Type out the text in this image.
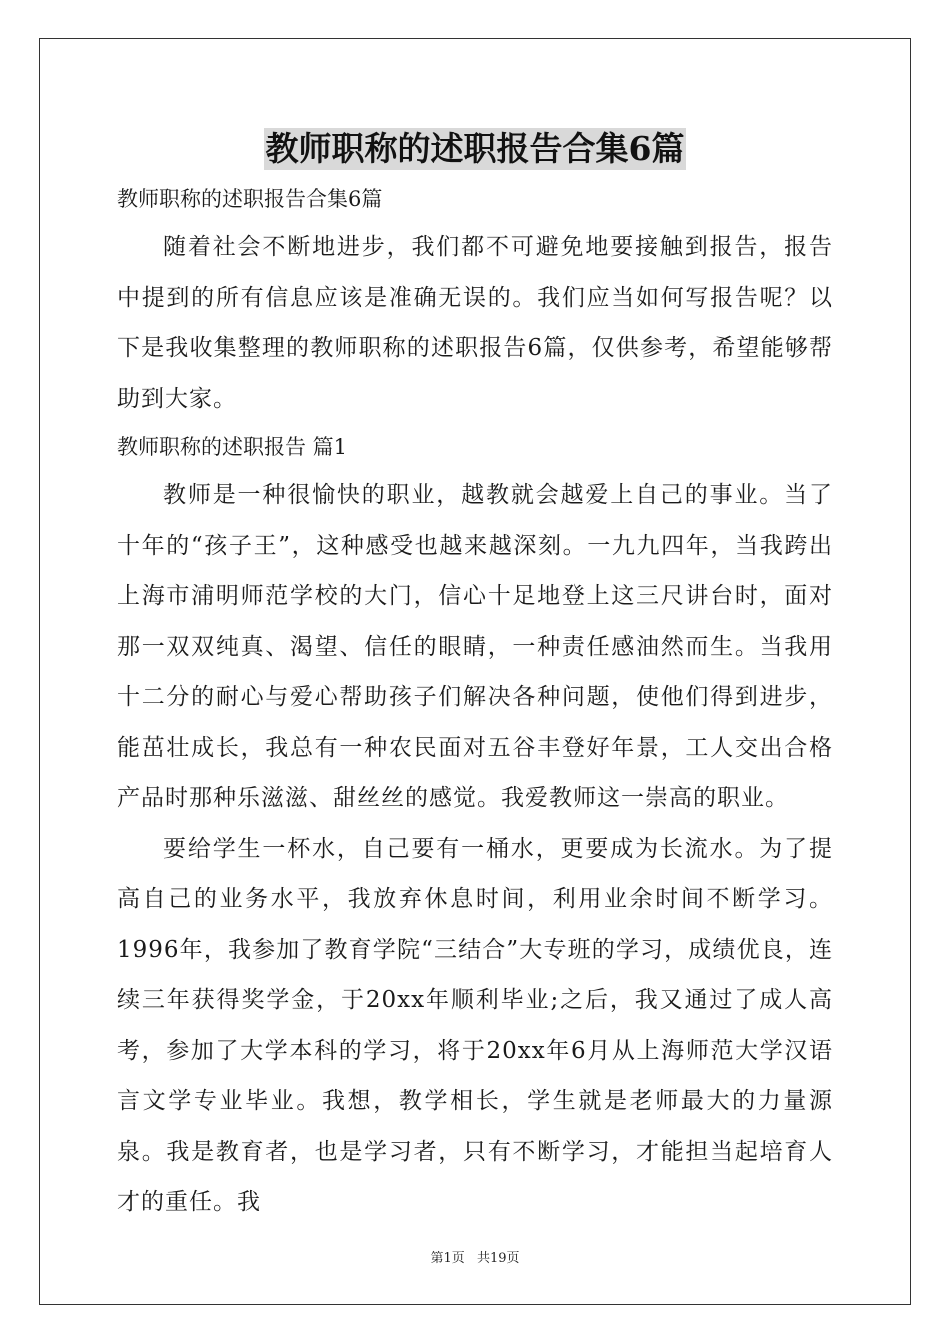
教师职称的述职报告合集6篇

教师职称的述职报告合集6篇

随着社会不断地进步，我们都不可避免地要接触到报告，报告中提到的所有信息应该是准确无误的。我们应当如何写报告呢？以下是我收集整理的教师职称的述职报告6篇，仅供参考，希望能够帮助到大家。

教师职称的述职报告 篇1

教师是一种很愉快的职业，越教就会越爱上自己的事业。当了十年的“孩子王”，这种感受也越来越深刻。一九九四年，当我跨出上海市浦明师范学校的大门，信心十足地登上这三尺讲台时，面对那一双双纯真、渴望、信任的眼睛，一种责任感油然而生。当我用十二分的耐心与爱心帮助孩子们解决各种问题，使他们得到进步，能茁壮成长，我总有一种农民面对五谷丰登好年景，工人交出合格产品时那种乐滋滋、甜丝丝的感觉。我爱教师这一崇高的职业。

要给学生一杯水，自己要有一桶水，更要成为长流水。为了提高自己的业务水平，我放弃休息时间，利用业余时间不断学习。1996年，我参加了教育学院“三结合”大专班的学习，成绩优良，连续三年获得奖学金，于20xx年顺利毕业;之后，我又通过了成人高考，参加了大学本科的学习，将于20xx年6月从上海师范大学汉语言文学专业毕业。我想，教学相长，学生就是老师最大的力量源泉。我是教育者，也是学习者，只有不断学习，才能担当起培育人才的重任。我

第1页 共19页
